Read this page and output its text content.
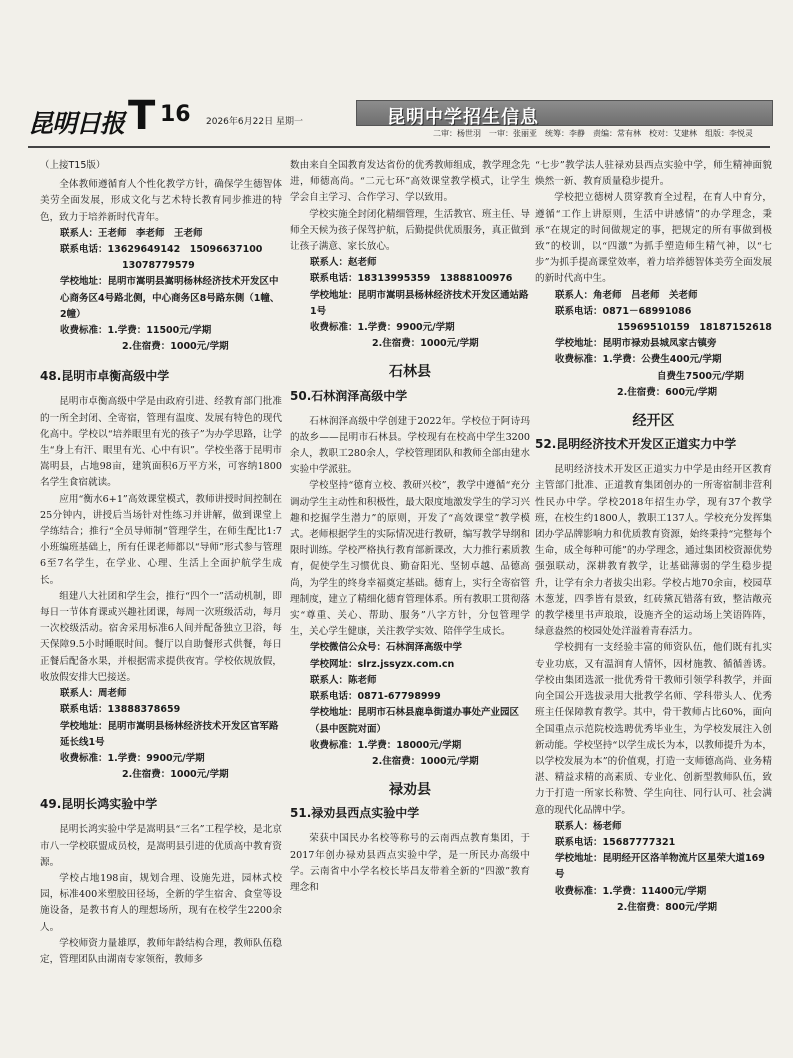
昆明日报 T 16 2026年6月22日 星期一	昆明中学招生信息
二审：杨世羽　一审：张丽亚　统筹：李静　责编：常有林　校对：艾建林　组版：李悦灵
（上接T15版）

全体教师遵循育人个性化教学方针，确保学生德智体美劳全面发展，形成文化与艺术特长教育同步推进的特色，致力于培养新时代青年。

联系人：王老师　李老师　王老师
联系电话：13629649142　15096637100
13078779579
学校地址：昆明市嵩明县嵩明杨林经济技术开发区中心商务区4号路北侧，中心商务区8号路东侧（1幢、2幢）
收费标准：1.学费：11500元/学期
2.住宿费：1000元/学期
48.昆明市卓衡高级中学

昆明市卓衡高级中学是由政府引进、经教育部门批准的一所全封闭、全寄宿，管理有温度、发展有特色的现代化高中。学校以“培养眼里有光的孩子”为办学思路，让学生“身上有汗、眼里有光、心中有识”。学校坐落于昆明市嵩明县，占地98亩，建筑面积6万平方米，可容纳1800名学生食宿就读。

应用“衡水6+1”高效课堂模式，教师讲授时间控制在25分钟内，讲授后当场针对性练习并讲解，做到课堂上学练结合；推行“全员导师制”管理学生，在师生配比1:7小班编班基础上，所有任课老师都以“导师”形式参与管理6至7名学生，在学业、心理、生活上全面护航学生成长。

组建八大社团和学生会，推行“四个一”活动机制，即每日一节体育课或兴趣社团课，每周一次班级活动，每月一次校级活动。宿舍采用标准6人间并配备独立卫浴，每天保障9.5小时睡眠时间。餐厅以自助餐形式供餐，每日正餐后配备水果，并根据需求提供夜宵。学校依规放假，收放假安排大巴接送。

联系人：周老师
联系电话：13888378659
学校地址：昆明市嵩明县杨林经济技术开发区官军路延长线1号
收费标准：1.学费：9900元/学期
2.住宿费：1000元/学期
49.昆明长鸿实验中学

昆明长鸿实验中学是嵩明县“三名”工程学校，是北京市八一学校联盟成员校，是嵩明县引进的优质高中教育资源。

学校占地198亩，规划合理、设施先进，园林式校园，标准400米塑胶田径场，全新的学生宿舍、食堂等设施设备，是教书育人的理想场所，现有在校学生2200余人。

学校师资力量雄厚，教师年龄结构合理，教师队伍稳定，管理团队由湖南专家领衔，教师多

数由来自全国教育发达省份的优秀教师组成，教学理念先进，师德高尚。“二元七环”高效课堂教学模式，让学生学会自主学习、合作学习、学以致用。

学校实施全封闭化精细管理，生活教官、班主任、导师全天候为孩子保驾护航，后勤提供优质服务，真正做到让孩子满意、家长放心。

联系人：赵老师
联系电话：18313995359　13888100976
学校地址：昆明市嵩明县杨林经济技术开发区通站路1号
收费标准：1.学费：9900元/学期
2.住宿费：1000元/学期
石林县
50.石林润泽高级中学

石林润泽高级中学创建于2022年。学校位于阿诗玛的故乡——昆明市石林县。学校现有在校高中学生3200余人，教职工280余人，学校管理团队和教师全部由建水实验中学派驻。

学校坚持“德育立校、教研兴校”，教学中遵循“充分调动学生主动性和积极性，最大限度地激发学生的学习兴趣和挖掘学生潜力”的原则，开发了“高效课堂”教学模式。老师根据学生的实际情况进行教研，编写教学导纲和限时训练。学校严格执行教育部新课改，大力推行素质教育，促使学生习惯优良、勤奋阳光、坚韧卓越、品德高尚，为学生的终身幸福奠定基础。德育上，实行全寄宿管理制度，建立了精细化德育管理体系。所有教职工贯彻落实“尊重、关心、帮助、服务”八字方针，分包管理学生，关心学生健康，关注教学实效、陪伴学生成长。

学校微信公众号：石林润泽高级中学
学校网址：slrz.jssyzx.com.cn
联系人：陈老师
联系电话：0871-67798999
学校地址：昆明市石林县鹿阜街道办事处产业园区（县中医院对面）
收费标准：1.学费：18000元/学期
2.住宿费：1000元/学期
禄劝县
51.禄劝县西点实验中学

荣获中国民办名校等称号的云南西点教育集团，于2017年创办禄劝县西点实验中学，是一所民办高级中学。云南省中小学名校长毕昌友带着全新的“四激”教育理念和

“七步”教学法人驻禄劝县西点实验中学，师生精神面貌焕然一新、教育质量稳步提升。

学校把立德树人贯穿教育全过程，在育人中育分，遵循“工作上讲原则，生活中讲感情”的办学理念，秉承“在规定的时间做规定的事，把规定的所有事做到极致”的校训，以“四激”为抓手塑造师生精气神，以“七步”为抓手提高课堂效率，着力培养德智体美劳全面发展的新时代高中生。

联系人：角老师　吕老师　关老师
联系电话：0871－68991086
15969510159　18187152618
学校地址：昆明市禄劝县城凤家古镇旁
收费标准：1.学费：公费生400元/学期
自费生7500元/学期
2.住宿费：600元/学期
经开区
52.昆明经济技术开发区正道实力中学

昆明经济技术开发区正道实力中学是由经开区教育主管部门批准、正道教育集团创办的一所寄宿制非营利性民办中学。学校2018年招生办学，现有37个教学班，在校生约1800人，教职工137人。学校充分发挥集团办学品牌影响力和优质教育资源，始终秉持“完整每个生命，成全每种可能”的办学理念，通过集团校资源优势强强联动，深耕教育教学，让基础薄弱的学生稳步提升，让学有余力者拔尖出彩。学校占地70余亩，校园草木葱茏，四季皆有景致，红砖黛瓦错落有致，整洁敞亮的教学楼里书声琅琅，设施齐全的运动场上笑语阵阵，绿意盎然的校园处处洋溢着青春活力。

学校拥有一支经验丰富的师资队伍，他们既有扎实专业功底，又有温润育人情怀，因材施教、循循善诱。学校由集团选派一批优秀骨干教师引领学科教学，并面向全国公开选拔录用大批教学名师、学科带头人、优秀班主任保障教育教学。其中，骨干教师占比60%，面向全国重点示范院校选聘优秀毕业生，为学校发展注入创新动能。学校坚持“以学生成长为本，以教师提升为本，以学校发展为本”的价值观，打造一支师德高尚、业务精湛、精益求精的高素质、专业化、创新型教师队伍，致力于打造一所家长称赞、学生向往、同行认可、社会满意的现代化品牌中学。

联系人：杨老师
联系电话：15687777321
学校地址：昆明经开区洛羊物流片区星荣大道169号
收费标准：1.学费：11400元/学期
2.住宿费：800元/学期
